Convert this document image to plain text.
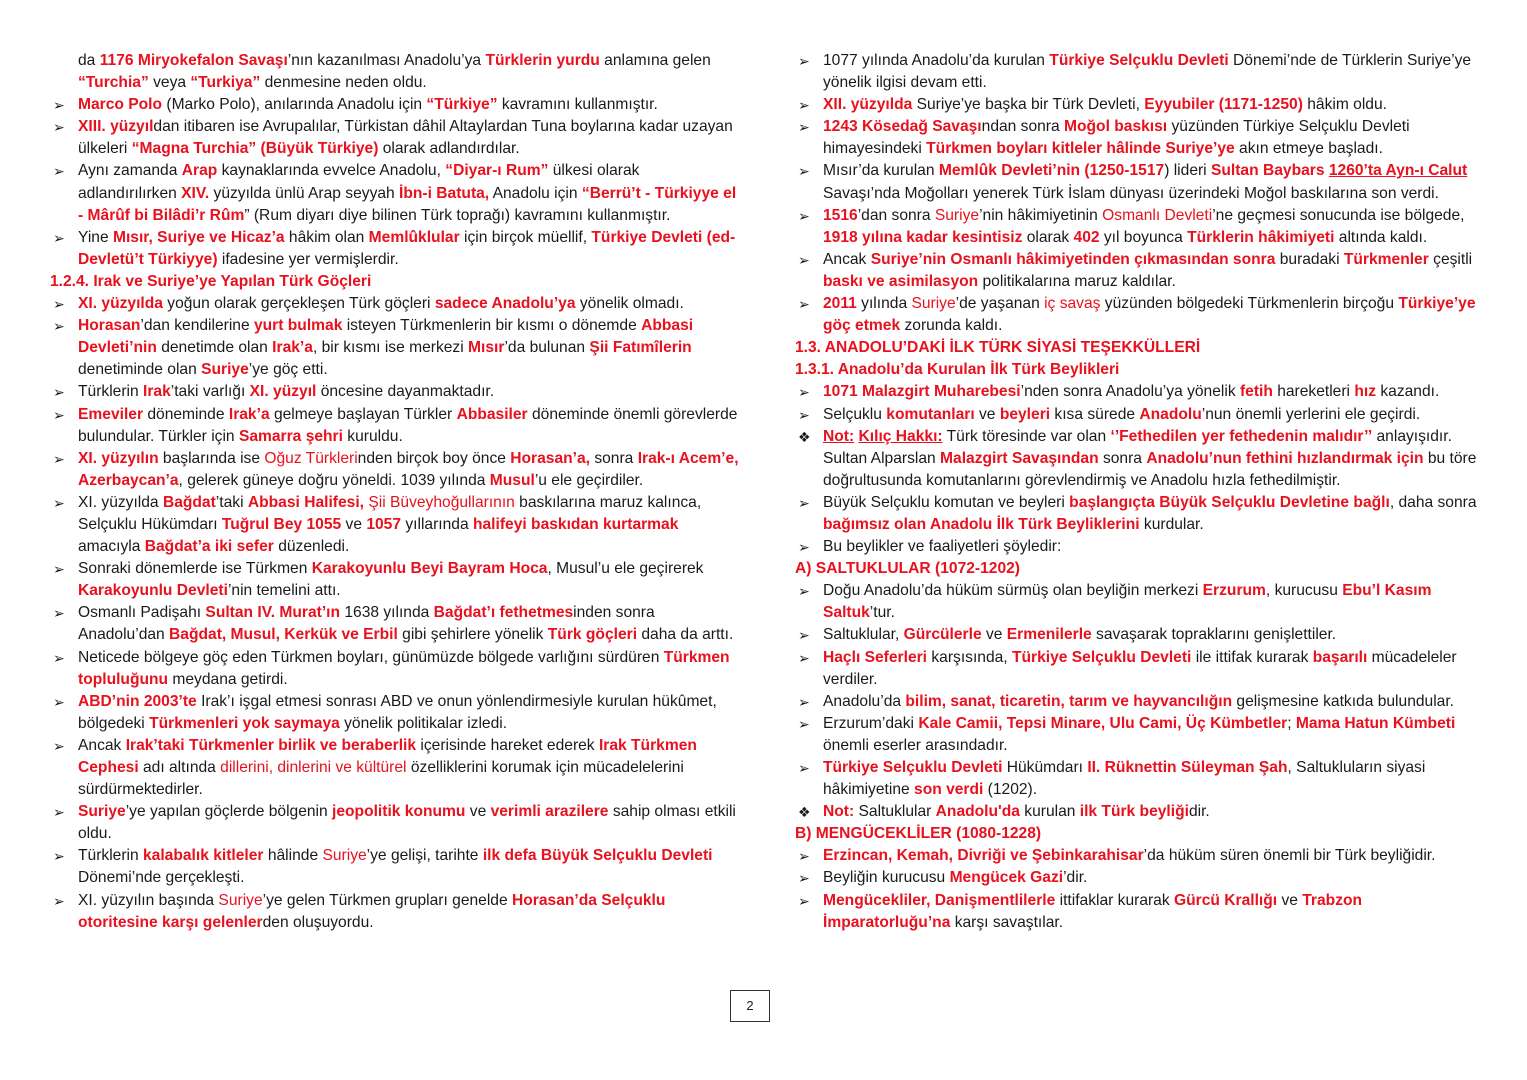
da 1176 Miryokefalon Savaşı’nın kazanılması Anadolu’ya Türklerin yurdu anlamına gelen “Turchia” veya “Turkiya” denmesine neden oldu.

➢ Marco Polo (Marko Polo), anılarında Anadolu için “Türkiye” kavramını kullanmıştır.

➢ XIII. yüzyıldan itibaren ise Avrupalılar, Türkistan dâhil Altaylardan Tuna boylarına kadar uzayan ülkeleri “Magna Turchia” (Büyük Türkiye) olarak adlandırdılar.

➢ Aynı zamanda Arap kaynaklarında evvelce Anadolu, “Diyar-ı Rum” ülkesi olarak adlandırılırken XIV. yüzyılda ünlü Arap seyyah İbn-i Batuta, Anadolu için “Berrü’t - Türkiyye el - Mârûf bi Bilâdi’r Rûm” (Rum diyarı diye bilinen Türk toprağı) kavramını kullanmıştır.

➢ Yine Mısır, Suriye ve Hicaz’a hâkim olan Memlûklular için birçok müellif, Türkiye Devleti (ed-Devletü’t Türkiyye) ifadesine yer vermişlerdir.

1.2.4. Irak ve Suriye’ye Yapılan Türk Göçleri

➢ XI. yüzyılda yoğun olarak gerçekleşen Türk göçleri sadece Anadolu’ya yönelik olmadı.

➢ Horasan’dan kendilerine yurt bulmak isteyen Türkmenlerin bir kısmı o dönemde Abbasi Devleti’nin denetimde olan Irak’a, bir kısmı ise merkezi Mısır’da bulunan Şii Fatımîlerin denetiminde olan Suriye’ye göç etti.

➢ Türklerin Irak’taki varlığı XI. yüzyıl öncesine dayanmaktadır.

➢ Emeviler döneminde Irak’a gelmeye başlayan Türkler Abbasiler döneminde önemli görevlerde bulundular. Türkler için Samarra şehri kuruldu.

➢ XI. yüzyılın başlarında ise Oğuz Türklerinden birçok boy önce Horasan’a, sonra Irak-ı Acem’e, Azerbaycan’a, gelerek güneye doğru yöneldi. 1039 yılında Musul’u ele geçirdiler.

➢ XI. yüzyılda Bağdat’taki Abbasi Halifesi, Şii Büveyhoğullarının baskılarına maruz kalınca, Selçuklu Hükümdarı Tuğrul Bey 1055 ve 1057 yıllarında halifeyi baskıdan kurtarmak amacıyla Bağdat’a iki sefer düzenledi.

➢ Sonraki dönemlerde ise Türkmen Karakoyunlu Beyi Bayram Hoca, Musul’u ele geçirerek Karakoyunlu Devleti’nin temelini attı.

➢ Osmanlı Padişahı Sultan IV. Murat’ın 1638 yılında Bağdat’ı fethetmesinden sonra Anadolu’dan Bağdat, Musul, Kerkük ve Erbil gibi şehirlere yönelik Türk göçleri daha da arttı.

➢ Neticede bölgeye göç eden Türkmen boyları, günümüzde bölgede varlığını sürdüren Türkmen topluluğunu meydana getirdi.

➢ ABD’nin 2003’te Irak’ı işgal etmesi sonrası ABD ve onun yönlendirmesiyle kurulan hükûmet, bölgedeki Türkmenleri yok saymaya yönelik politikalar izledi.

➢ Ancak Irak’taki Türkmenler birlik ve beraberlik içerisinde hareket ederek Irak Türkmen Cephesi adı altında dillerini, dinlerini ve kültürel özelliklerini korumak için mücadelelerini sürdürmektedirler.

➢ Suriye’ye yapılan göçlerde bölgenin jeopolitik konumu ve verimli arazilere sahip olması etkili oldu.

➢ Türklerin kalabalık kitleler hâlinde Suriye’ye gelişi, tarihte ilk defa Büyük Selçuklu Devleti Dönemi’nde gerçekleşti.

➢ XI. yüzyılın başında Suriye’ye gelen Türkmen grupları genelde Horasan’da Selçuklu otoritesine karşı gelenlerden oluşuyordu.

➢ 1077 yılında Anadolu’da kurulan Türkiye Selçuklu Devleti Dönemi’nde de Türklerin Suriye’ye yönelik ilgisi devam etti.

➢ XII. yüzyılda Suriye’ye başka bir Türk Devleti, Eyyubiler (1171-1250) hâkim oldu.

➢ 1243 Kösedağ Savaşından sonra Moğol baskısı yüzünden Türkiye Selçuklu Devleti himayesindeki Türkmen boyları kitleler hâlinde Suriye’ye akın etmeye başladı.

➢ Mısır’da kurulan Memlûk Devleti’nin (1250-1517) lideri Sultan Baybars 1260’ta Ayn-ı Calut Savaşı’nda Moğolları yenerek Türk İslam dünyası üzerindeki Moğol baskılarına son verdi.

➢ 1516’dan sonra Suriye’nin hâkimiyetinin Osmanlı Devleti’ne geçmesi sonucunda ise bölgede, 1918 yılına kadar kesintisiz olarak 402 yıl boyunca Türklerin hâkimiyeti altında kaldı.

➢ Ancak Suriye’nin Osmanlı hâkimiyetinden çıkmasından sonra buradaki Türkmenler çeşitli baskı ve asimilasyon politikalarına maruz kaldılar.

➢ 2011 yılında Suriye’de yaşanan iç savaş yüzünden bölgedeki Türkmenlerin birçoğu Türkiye’ye göç etmek zorunda kaldı.

1.3. ANADOLU’DAKİ İLK TÜRK SİYASİ TEŞEKKÜLLERİ

1.3.1. Anadolu’da Kurulan İlk Türk Beylikleri

➢ 1071 Malazgirt Muharebesi’nden sonra Anadolu’ya yönelik fetih hareketleri hız kazandı.

➢ Selçuklu komutanları ve beyleri kısa sürede Anadolu’nun önemli yerlerini ele geçirdi.

❖ Not: Kılıç Hakkı: Türk töresinde var olan ‘’Fethedilen yer fethedenin malıdır’’ anlayışıdır. Sultan Alparslan Malazgirt Savaşından sonra Anadolu’nun fethini hızlandırmak için bu töre doğrultusunda komutanlarını görevlendirmiş ve Anadolu hızla fethedilmiştir.

➢ Büyük Selçuklu komutan ve beyleri başlangıçta Büyük Selçuklu Devletine bağlı, daha sonra bağımsız olan Anadolu İlk Türk Beyliklerini kurdular.

➢ Bu beylikler ve faaliyetleri şöyledir:

A) SALTUKLULAR (1072-1202)

➢ Doğu Anadolu’da hüküm sürmüş olan beyliğin merkezi Erzurum, kurucusu Ebu’l Kasım Saltuk’tur.

➢ Saltuklular, Gürcülerle ve Ermenilerle savaşarak topraklarını genişlettiler.

➢ Haçlı Seferleri karşısında, Türkiye Selçuklu Devleti ile ittifak kurarak başarılı mücadeleler verdiler.

➢ Anadolu’da bilim, sanat, ticaretin, tarım ve hayvancılığın gelişmesine katkıda bulundular.

➢ Erzurum’daki Kale Camii, Tepsi Minare, Ulu Cami, Üç Kümbetler; Mama Hatun Kümbeti önemli eserler arasındadır.

➢ Türkiye Selçuklu Devleti Hükümdarı II. Rüknettin Süleyman Şah, Saltukluların siyasi hâkimiyetine son verdi (1202).

❖ Not: Saltuklular Anadolu'da kurulan ilk Türk beyliğidir.

B) MENGÜCEKLİLER (1080-1228)

➢ Erzincan, Kemah, Divriği ve Şebinkarahisar’da hüküm süren önemli bir Türk beyliğidir.

➢ Beyliğin kurucusu Mengücek Gazi’dir.

➢ Mengücekliler, Danişmentlilerle ittifaklar kurarak Gürcü Krallığı ve Trabzon İmparatorluğu’na karşı savaştılar.

2
